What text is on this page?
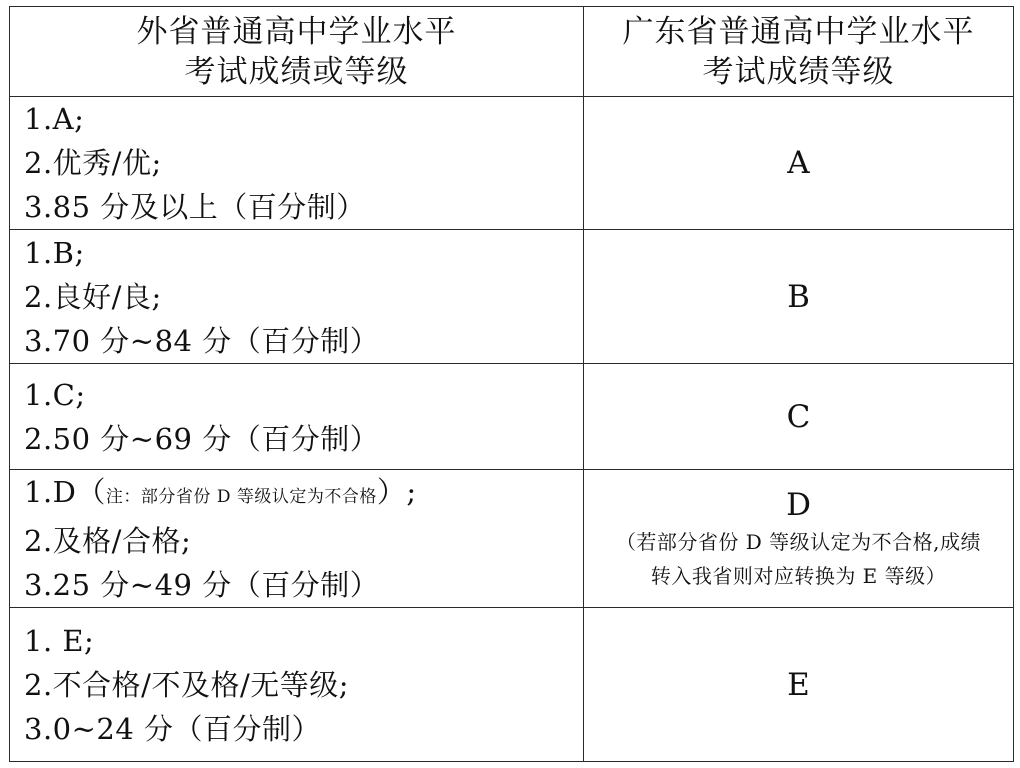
外省普通高中学业水平
考试成绩或等级	广东省普通高中学业水平
考试成绩等级

1.A;
2.优秀/优;
3.85 分及以上（百分制）	A

1.B;
2.良好/良;
3.70 分~84 分（百分制）	B

1.C;
2.50 分~69 分（百分制）	C

1.D（注：部分省份 D 等级认定为不合格）;
2.及格/合格;
3.25 分~49 分（百分制）	D
（若部分省份 D 等级认定为不合格,成绩
转入我省则对应转换为 E 等级）

1. E;
2.不合格/不及格/无等级;
3.0~24 分（百分制）	E
